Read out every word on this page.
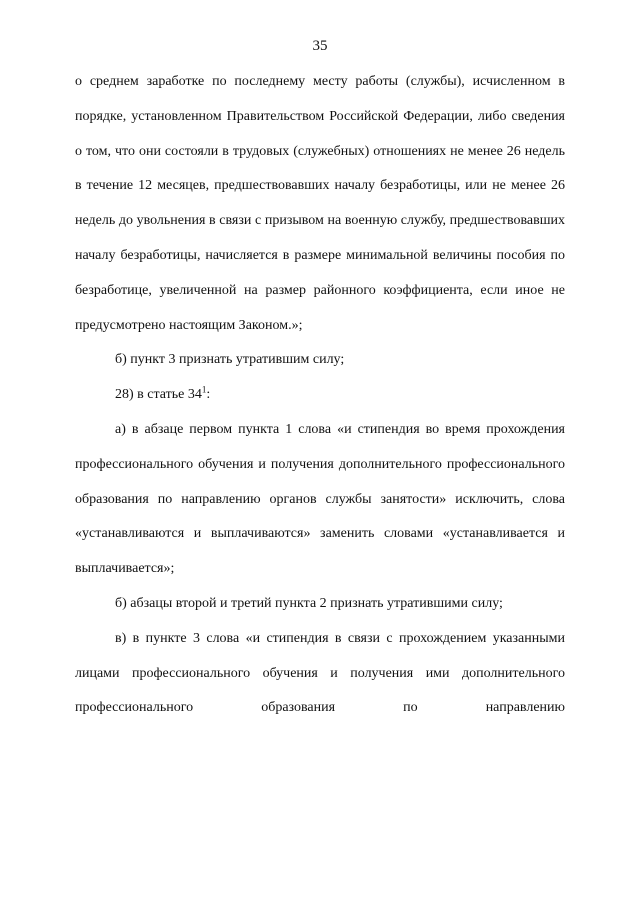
35

о среднем заработке по последнему месту работы (службы), исчисленном в порядке, установленном Правительством Российской Федерации, либо сведения о том, что они состояли в трудовых (служебных) отношениях не менее 26 недель в течение 12 месяцев, предшествовавших началу безработицы, или не менее 26 недель до увольнения в связи с призывом на военную службу, предшествовавших началу безработицы, начисляется в размере минимальной величины пособия по безработице, увеличенной на размер районного коэффициента, если иное не предусмотрено настоящим Законом.»;

б) пункт 3 признать утратившим силу;

28) в статье $34^1$:

а) в абзаце первом пункта 1 слова «и стипендия во время прохождения профессионального обучения и получения дополнительного профессионального образования по направлению органов службы занятости» исключить, слова «устанавливаются и выплачиваются» заменить словами «устанавливается и выплачивается»;

б) абзацы второй и третий пункта 2 признать утратившими силу;

в) в пункте 3 слова «и стипендия в связи с прохождением указанными лицами профессионального обучения и получения ими дополнительного профессионального образования по направлению
